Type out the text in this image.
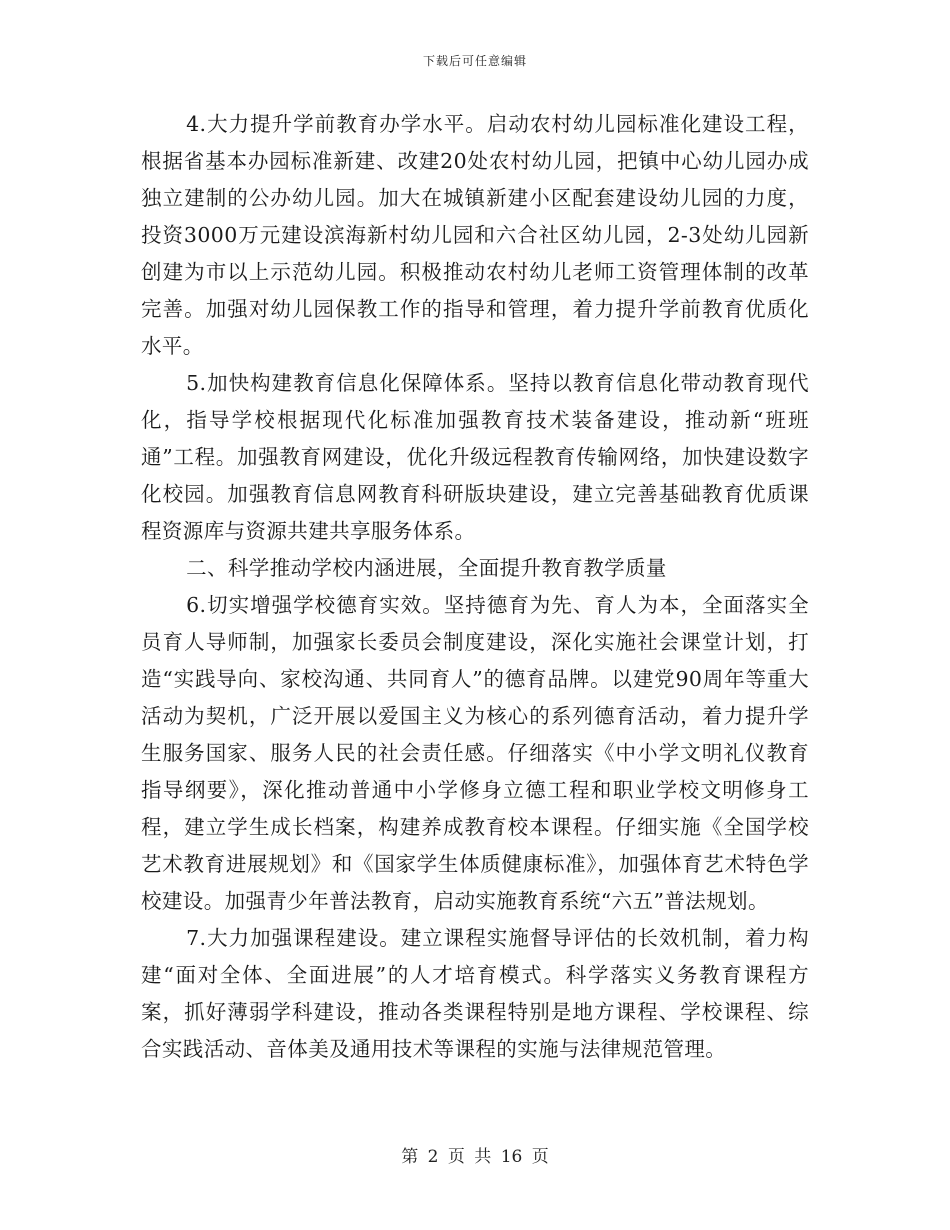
下载后可任意编辑

4.大力提升学前教育办学水平。启动农村幼儿园标准化建设工程，根据省基本办园标准新建、改建20处农村幼儿园，把镇中心幼儿园办成独立建制的公办幼儿园。加大在城镇新建小区配套建设幼儿园的力度，投资3000万元建设滨海新村幼儿园和六合社区幼儿园，2-3处幼儿园新创建为市以上示范幼儿园。积极推动农村幼儿老师工资管理体制的改革完善。加强对幼儿园保教工作的指导和管理，着力提升学前教育优质化水平。

5.加快构建教育信息化保障体系。坚持以教育信息化带动教育现代化，指导学校根据现代化标准加强教育技术装备建设，推动新“班班通”工程。加强教育网建设，优化升级远程教育传输网络，加快建设数字化校园。加强教育信息网教育科研版块建设，建立完善基础教育优质课程资源库与资源共建共享服务体系。

二、科学推动学校内涵进展，全面提升教育教学质量

6.切实增强学校德育实效。坚持德育为先、育人为本，全面落实全员育人导师制，加强家长委员会制度建设，深化实施社会课堂计划，打造“实践导向、家校沟通、共同育人”的德育品牌。以建党90周年等重大活动为契机，广泛开展以爱国主义为核心的系列德育活动，着力提升学生服务国家、服务人民的社会责任感。仔细落实《中小学文明礼仪教育指导纲要》，深化推动普通中小学修身立德工程和职业学校文明修身工程，建立学生成长档案，构建养成教育校本课程。仔细实施《全国学校艺术教育进展规划》和《国家学生体质健康标准》，加强体育艺术特色学校建设。加强青少年普法教育，启动实施教育系统“六五”普法规划。

7.大力加强课程建设。建立课程实施督导评估的长效机制，着力构建“面对全体、全面进展”的人才培育模式。科学落实义务教育课程方案，抓好薄弱学科建设，推动各类课程特别是地方课程、学校课程、综合实践活动、音体美及通用技术等课程的实施与法律规范管理。

第 2 页 共 16 页
